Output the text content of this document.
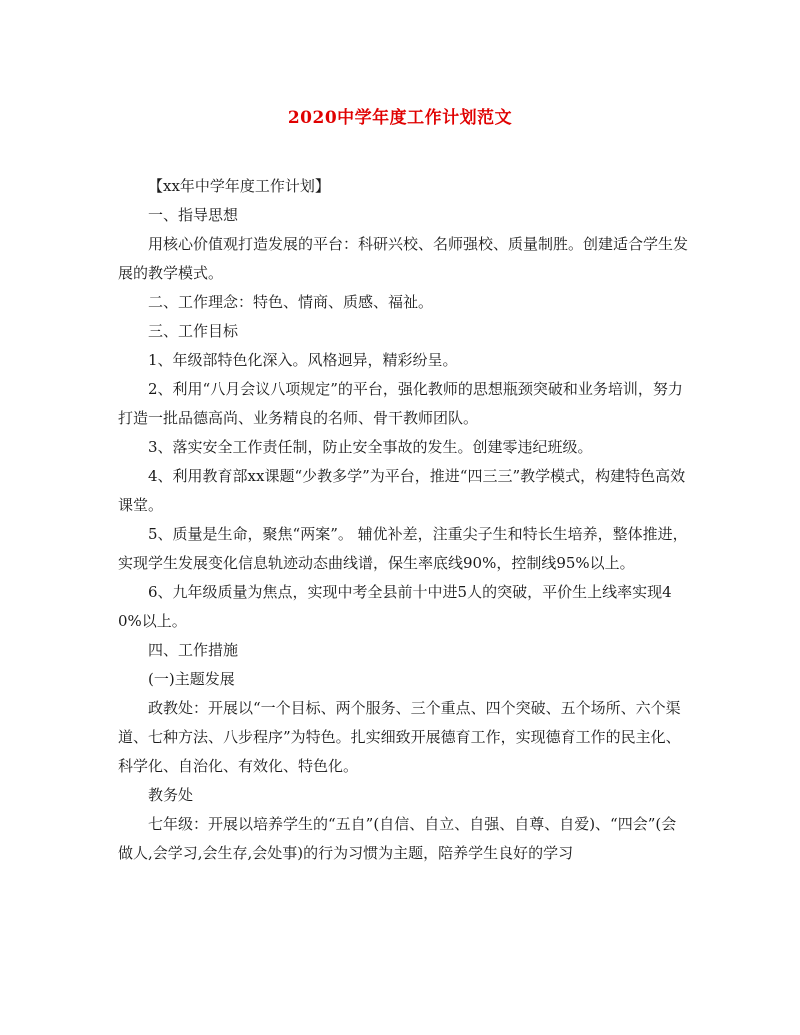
2020中学年度工作计划范文

【xx年中学年度工作计划】

一、指导思想

用核心价值观打造发展的平台：科研兴校、名师强校、质量制胜。创建适合学生发展的教学模式。

二、工作理念：特色、情商、质感、福祉。

三、工作目标

1、年级部特色化深入。风格迥异，精彩纷呈。

2、利用“八月会议八项规定”的平台，强化教师的思想瓶颈突破和业务培训，努力打造一批品德高尚、业务精良的名师、骨干教师团队。

3、落实安全工作责任制，防止安全事故的发生。创建零违纪班级。

4、利用教育部xx课题“少教多学”为平台，推进“四三三”教学模式，构建特色高效课堂。

5、质量是生命，聚焦“两案”。 辅优补差，注重尖子生和特长生培养，整体推进，实现学生发展变化信息轨迹动态曲线谱，保生率底线90%，控制线95%以上。

6、九年级质量为焦点，实现中考全县前十中进5人的突破，平价生上线率实现40%以上。

四、工作措施

(一)主题发展

政教处：开展以“一个目标、两个服务、三个重点、四个突破、五个场所、六个渠道、七种方法、八步程序”为特色。扎实细致开展德育工作，实现德育工作的民主化、科学化、自治化、有效化、特色化。

教务处

七年级：开展以培养学生的“五自”(自信、自立、自强、自尊、自爱)、“四会”(会做人,会学习,会生存,会处事)的行为习惯为主题，陪养学生良好的学习
